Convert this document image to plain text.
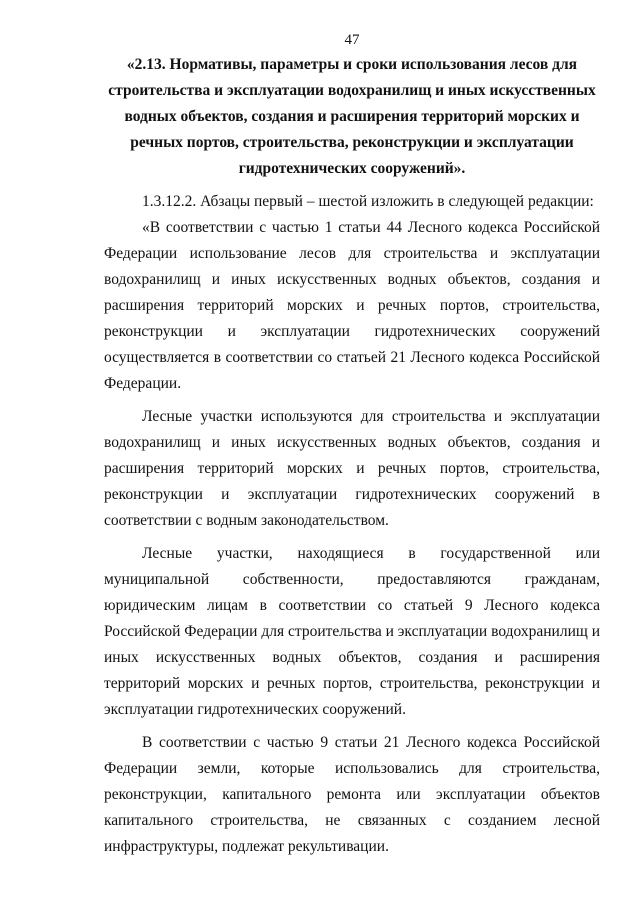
47

«2.13. Нормативы, параметры и сроки использования лесов для строительства и эксплуатации водохранилищ и иных искусственных водных объектов, создания и расширения территорий морских и речных портов, строительства, реконструкции и эксплуатации гидротехнических сооружений».

1.3.12.2. Абзацы первый – шестой изложить в следующей редакции:

«В соответствии с частью 1 статьи 44 Лесного кодекса Российской Федерации использование лесов для строительства и эксплуатации водохранилищ и иных искусственных водных объектов, создания и расширения территорий морских и речных портов, строительства, реконструкции и эксплуатации гидротехнических сооружений осуществляется в соответствии со статьей 21 Лесного кодекса Российской Федерации.

Лесные участки используются для строительства и эксплуатации водохранилищ и иных искусственных водных объектов, создания и расширения территорий морских и речных портов, строительства, реконструкции и эксплуатации гидротехнических сооружений в соответствии с водным законодательством.

Лесные участки, находящиеся в государственной или муниципальной собственности, предоставляются гражданам, юридическим лицам в соответствии со статьей 9 Лесного кодекса Российской Федерации для строительства и эксплуатации водохранилищ и иных искусственных водных объектов, создания и расширения территорий морских и речных портов, строительства, реконструкции и эксплуатации гидротехнических сооружений.

В соответствии с частью 9 статьи 21 Лесного кодекса Российской Федерации земли, которые использовались для строительства, реконструкции, капитального ремонта или эксплуатации объектов капитального строительства, не связанных с созданием лесной инфраструктуры, подлежат рекультивации.
